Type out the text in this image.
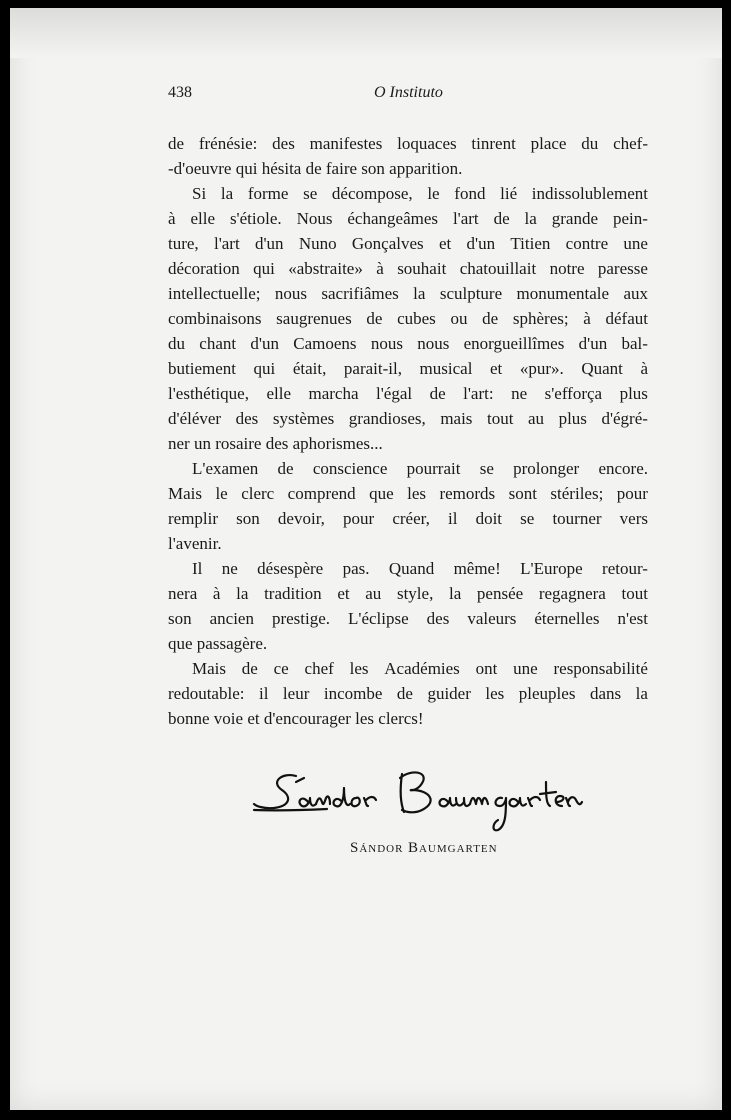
438	O Instituto
de frénésie: des manifestes loquaces tinrent place du chef-
-d'oeuvre qui hésita de faire son apparition.
Si la forme se décompose, le fond lié indissolublement
à elle s'étiole. Nous échangeâmes l'art de la grande pein-
ture, l'art d'un Nuno Gonçalves et d'un Titien contre une
décoration qui «abstraite» à souhait chatouillait notre paresse
intellectuelle; nous sacrifiâmes la sculpture monumentale aux
combinaisons saugrenues de cubes ou de sphères; à défaut
du chant d'un Camoens nous nous enorgueillîmes d'un bal-
butiement qui était, parait-il, musical et «pur». Quant à
l'esthétique, elle marcha l'égal de l'art: ne s'efforça plus
d'éléver des systèmes grandioses, mais tout au plus d'égré-
ner un rosaire des aphorismes...
L'examen de conscience pourrait se prolonger encore.
Mais le clerc comprend que les remords sont stériles; pour
remplir son devoir, pour créer, il doit se tourner vers
l'avenir.
Il ne désespère pas. Quand même! L'Europe retour-
nera à la tradition et au style, la pensée regagnera tout
son ancien prestige. L'éclipse des valeurs éternelles n'est
que passagère.
Mais de ce chef les Académies ont une responsabilité
redoutable: il leur incombe de guider les pleuples dans la
bonne voie et d'encourager les clercs!
SÁNDOR BAUMGARTEN
